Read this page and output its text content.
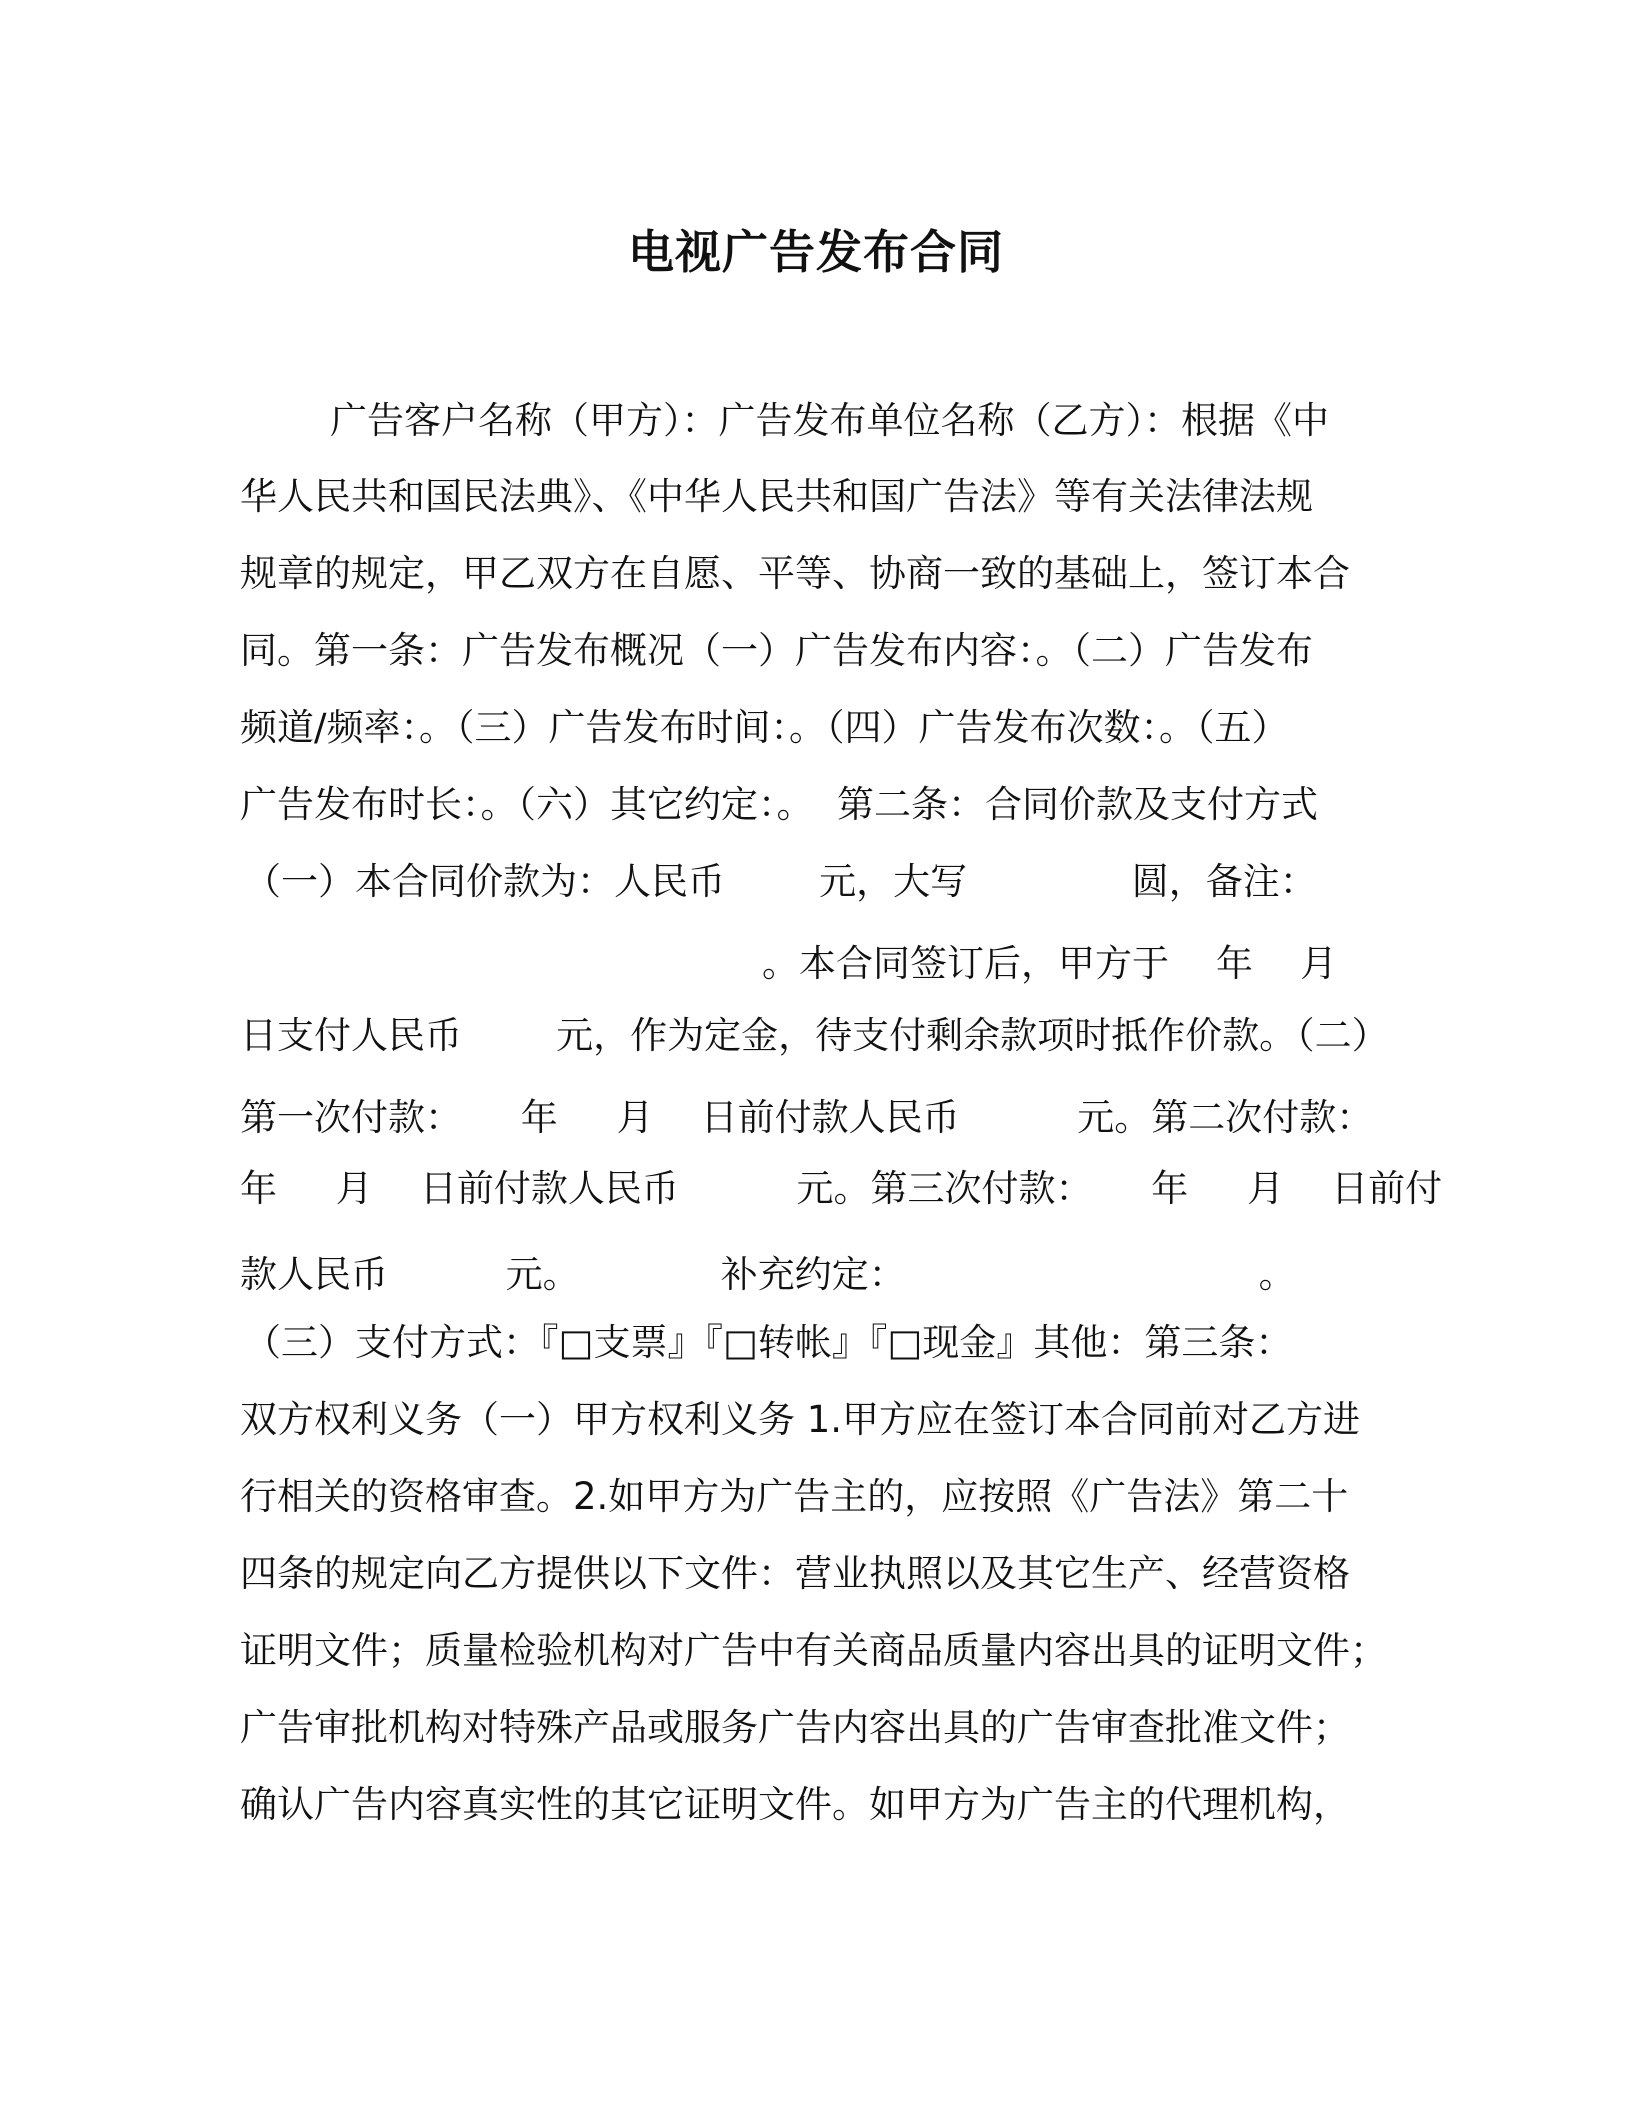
电视广告发布合同
广告客户名称（甲方）：广告发布单位名称（乙方）：根据《中
华人民共和国民法典》、《中华人民共和国广告法》等有关法律法规
规章的规定，甲乙双方在自愿、平等、协商一致的基础上，签订本合
同。第一条：广告发布概况（一）广告发布内容：。（二）广告发布
频道/频率：。（三）广告发布时间：。（四）广告发布次数：。（五）
广告发布时长：。（六）其它约定：。  第二条：合同价款及支付方式
（一）本合同价款为：人民币        元，大写              圆，备注：
。本合同签订后，甲方于    年    月
日支付人民币        元，作为定金，待支付剩余款项时抵作价款。（二）
第一次付款：     年     月    日前付款人民币          元。第二次付款：
年     月    日前付款人民币          元。第三次付款：     年     月    日前付
款人民币          元。            补充约定：                              。
（三）支付方式：『□支票』『□转帐』『□现金』其他：第三条：
双方权利义务（一）甲方权利义务 1.甲方应在签订本合同前对乙方进
行相关的资格审查。2.如甲方为广告主的，应按照《广告法》第二十
四条的规定向乙方提供以下文件：营业执照以及其它生产、经营资格
证明文件；质量检验机构对广告中有关商品质量内容出具的证明文件；
广告审批机构对特殊产品或服务广告内容出具的广告审查批准文件；
确认广告内容真实性的其它证明文件。如甲方为广告主的代理机构，
